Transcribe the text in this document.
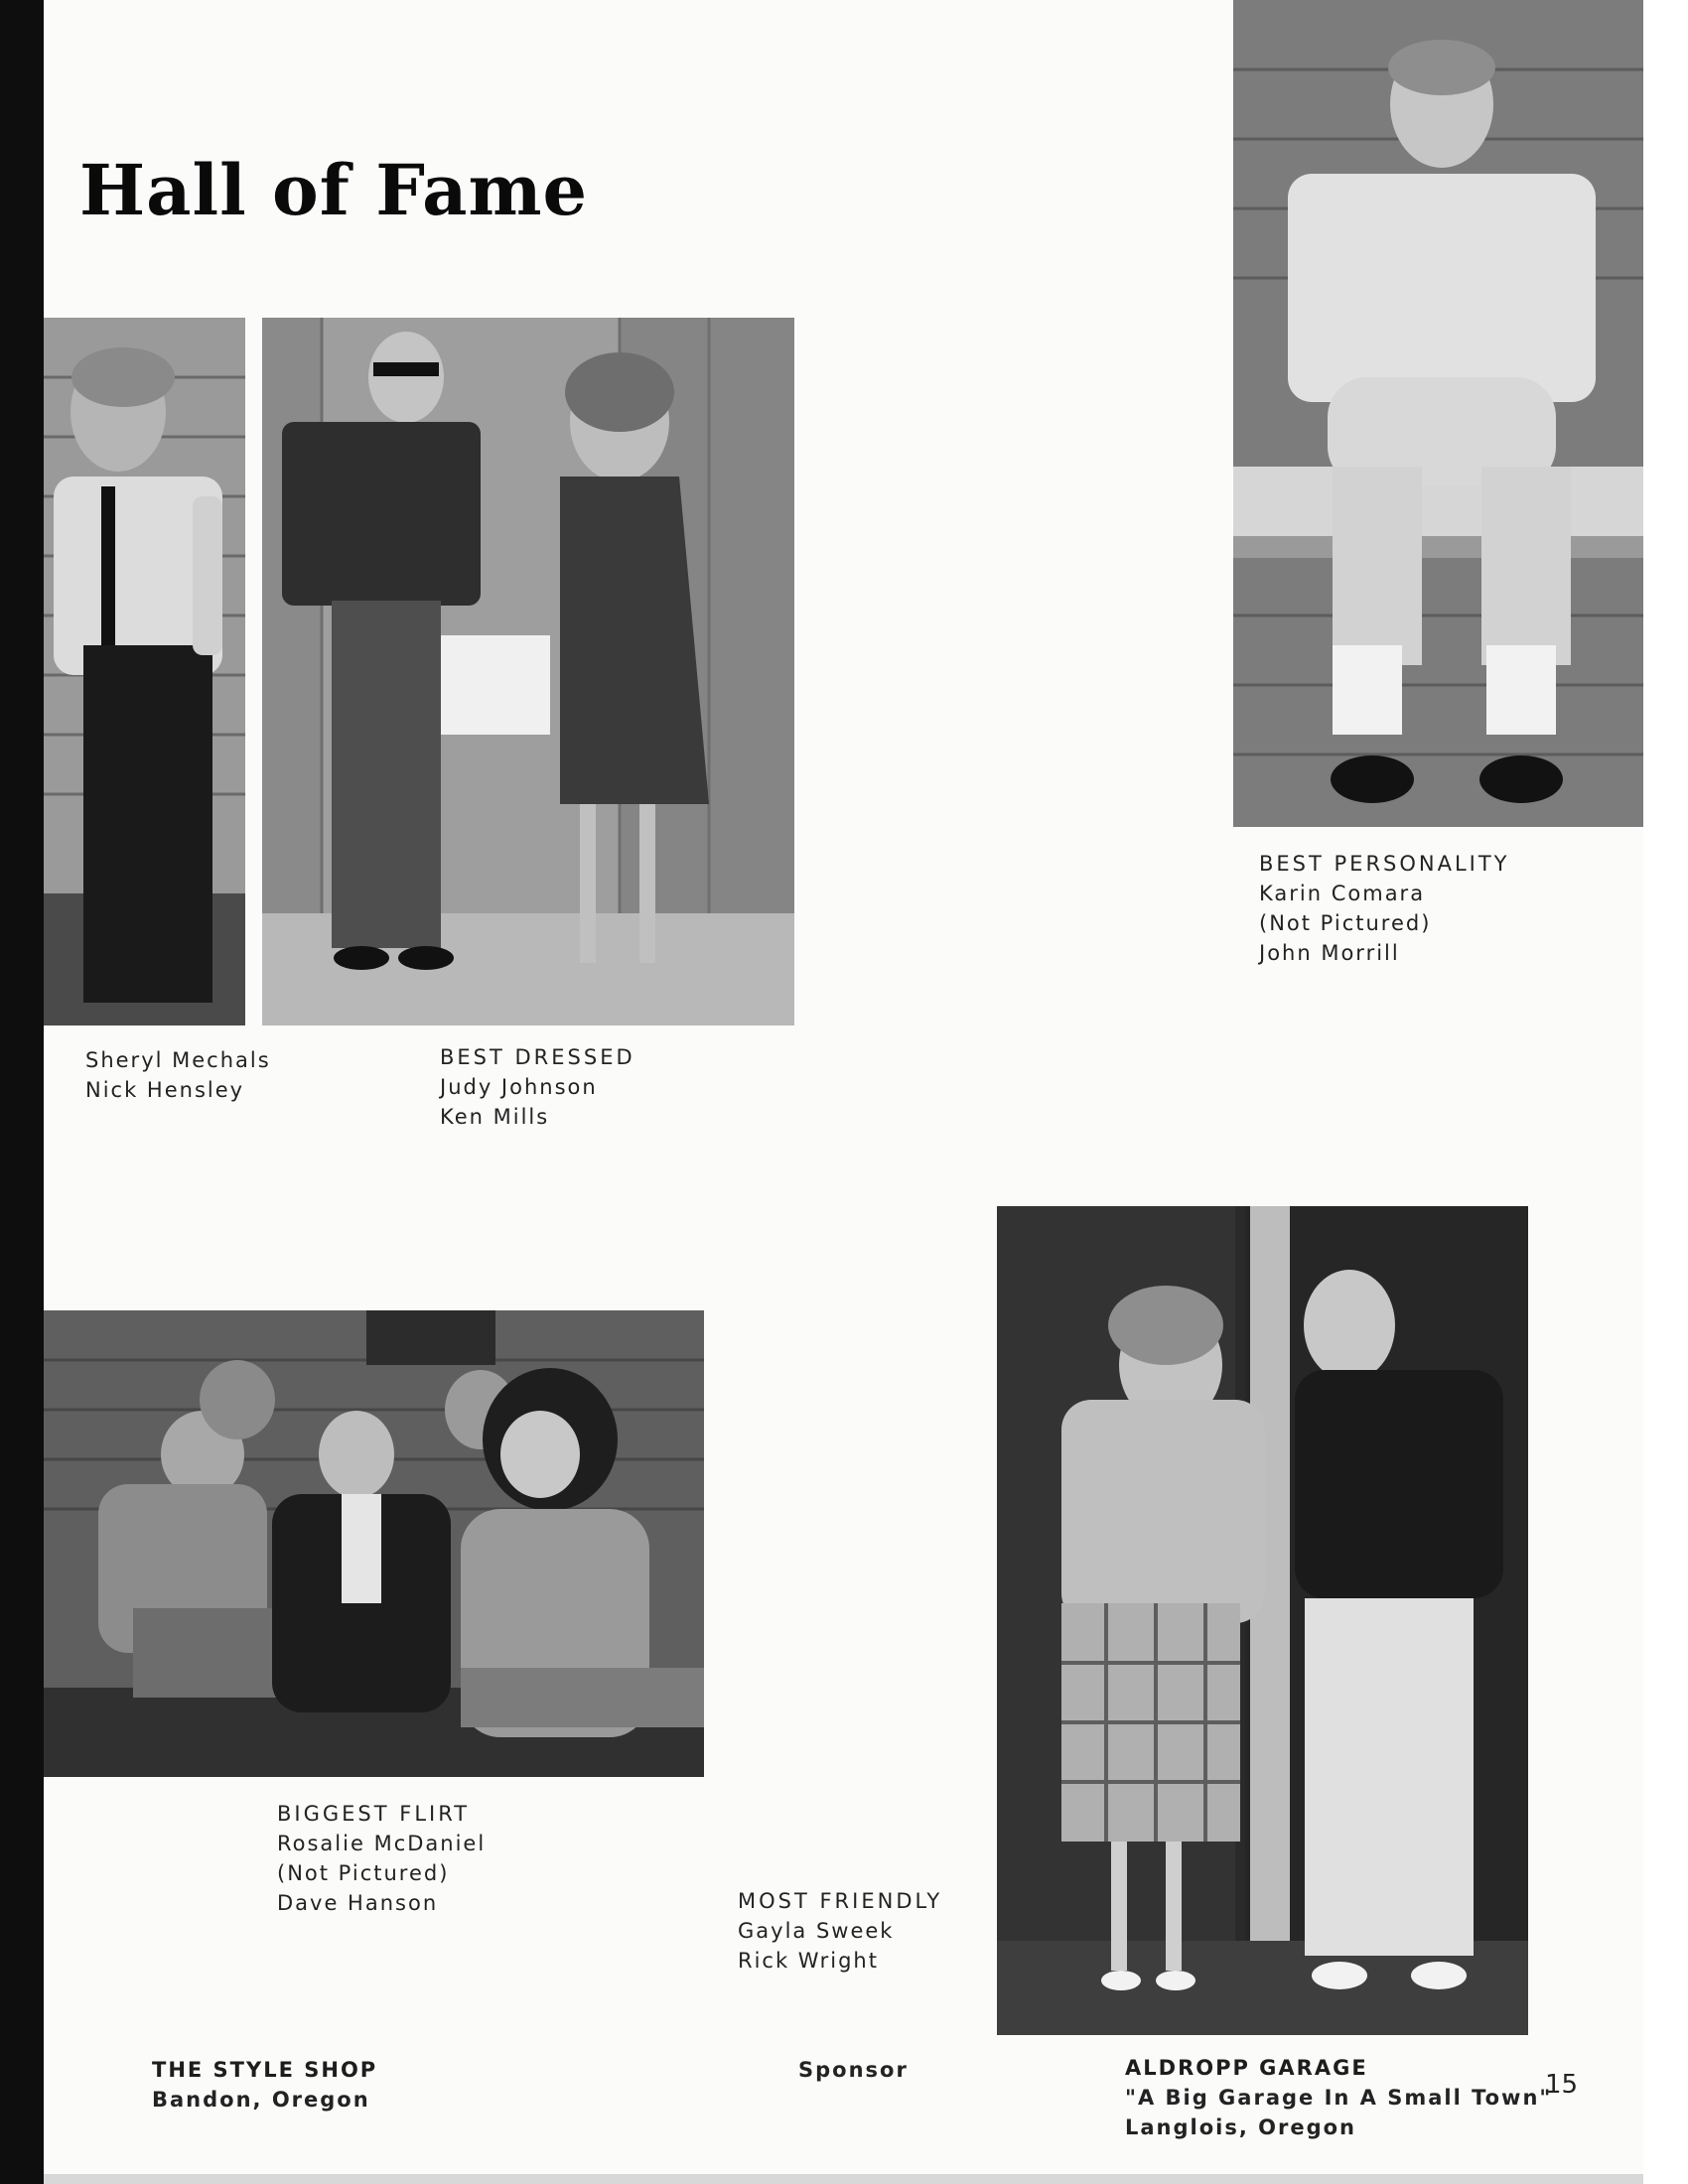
Hall of Fame
Sheryl Mechals
Nick Hensley
BEST DRESSED
Judy Johnson
Ken Mills
BEST PERSONALITY
Karin Comara
(Not Pictured)
John Morrill
BIGGEST FLIRT
Rosalie McDaniel
(Not Pictured)
Dave Hanson	MOST FRIENDLY
Gayla Sweek
Rick Wright
THE STYLE SHOP
Bandon, Oregon
Sponsor	ALDROPP GARAGE
"A Big Garage In A Small Town"
Langlois, Oregon
15
